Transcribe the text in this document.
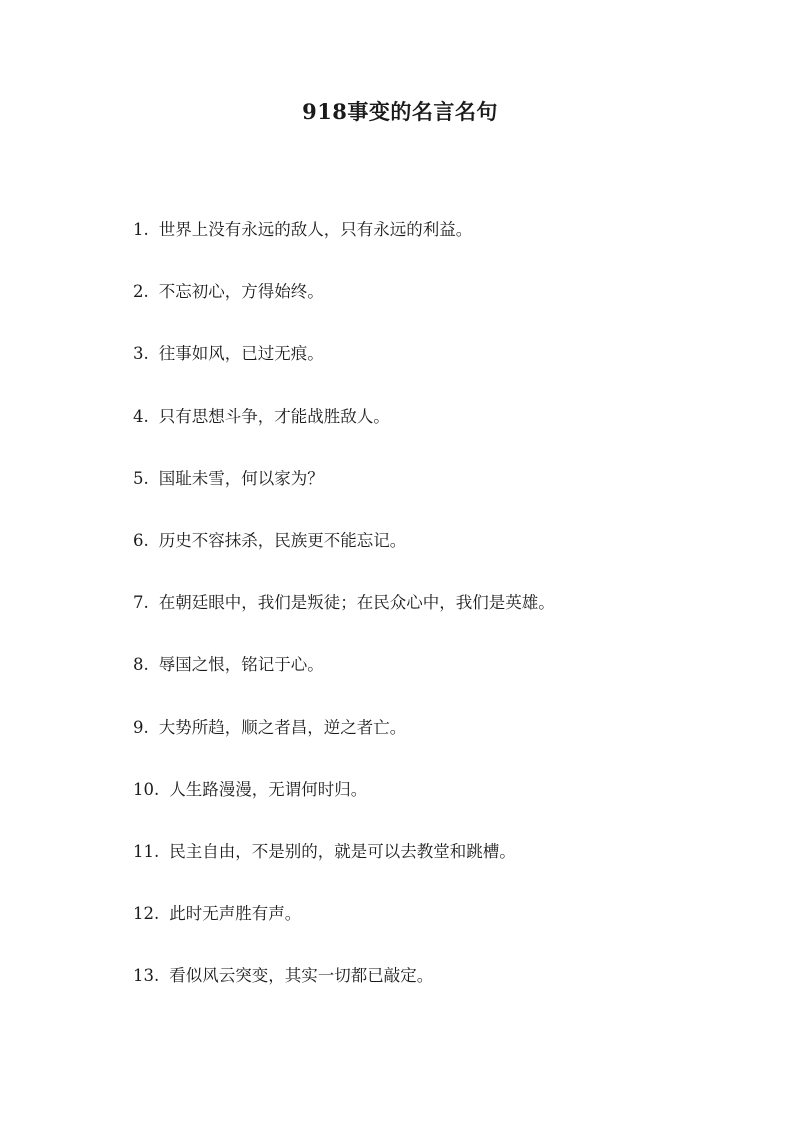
918事变的名言名句
1. 世界上没有永远的敌人，只有永远的利益。
2. 不忘初心，方得始终。
3. 往事如风，已过无痕。
4. 只有思想斗争，才能战胜敌人。
5. 国耻未雪，何以家为？
6. 历史不容抹杀，民族更不能忘记。
7. 在朝廷眼中，我们是叛徒；在民众心中，我们是英雄。
8. 辱国之恨，铭记于心。
9. 大势所趋，顺之者昌，逆之者亡。
10. 人生路漫漫，无谓何时归。
11. 民主自由，不是别的，就是可以去教堂和跳槽。
12. 此时无声胜有声。
13. 看似风云突变，其实一切都已敲定。
